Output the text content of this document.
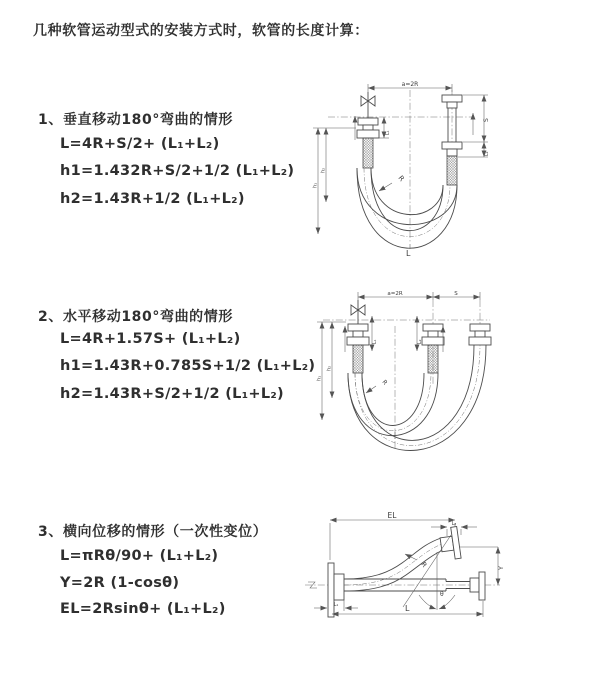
几种软管运动型式的安装方式时，软管的长度计算：
1、垂直移动180°弯曲的情形
L=4R+S/2+ (L₁+L₂)
h1=1.432R+S/2+1/2 (L₁+L₂)
h2=1.43R+1/2 (L₁+L₂)
2、水平移动180°弯曲的情形
L=4R+1.57S+ (L₁+L₂)
h1=1.43R+0.785S+1/2 (L₁+L₂)
h2=1.43R+S/2+1/2 (L₁+L₂)
3、横向位移的情形（一次性变位）
L=πRθ/90+ (L₁+L₂)
Y=2R (1-cosθ)
EL=2Rsinθ+ (L₁+L₂)
a=2R
S
L₂
L₁
h₁
h₂
R
L
a=2R	S
L₁	L₂
h₁
h₂
R
EL
L₂
Y
R
θ
L
L₁
